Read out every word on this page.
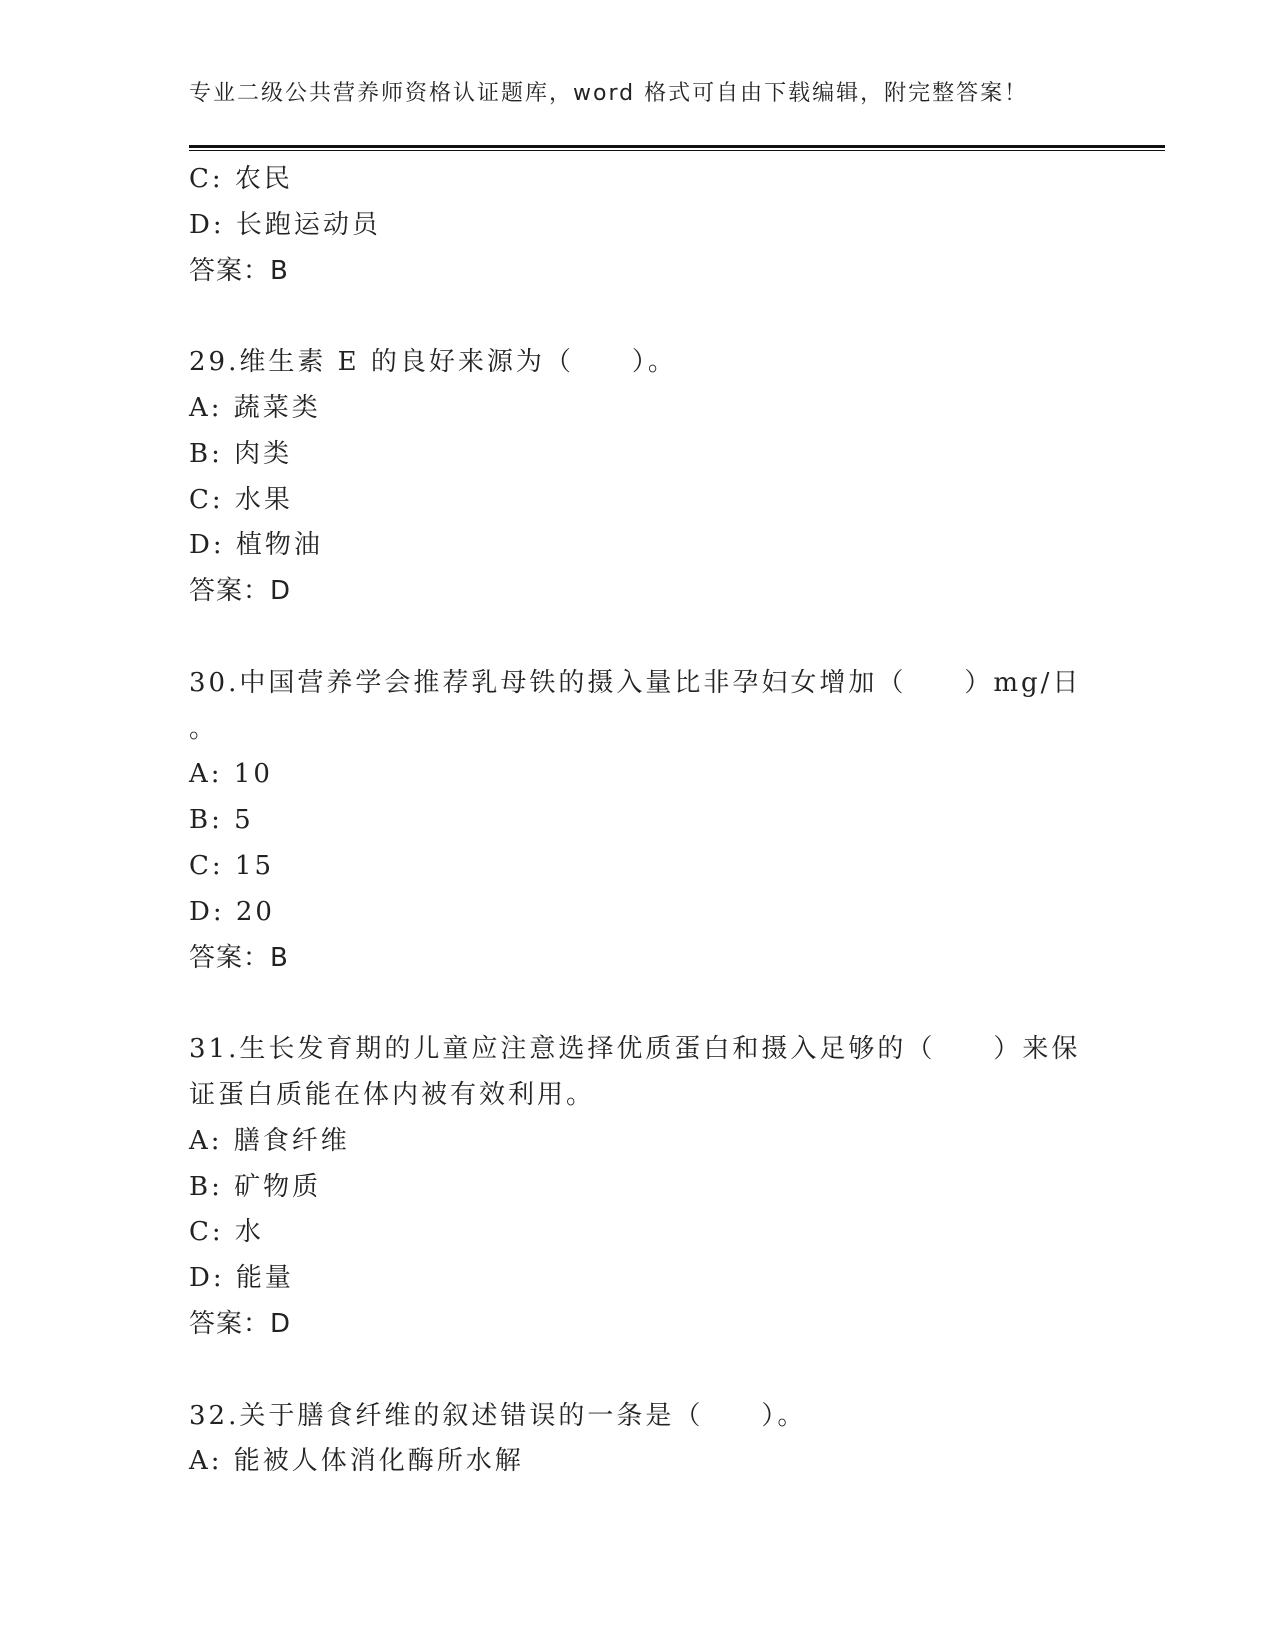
专业二级公共营养师资格认证题库，word 格式可自由下载编辑，附完整答案！
C: 农民
D: 长跑运动员
答案：B
29.维生素 E 的良好来源为（　　）。
A: 蔬菜类
B: 肉类
C: 水果
D: 植物油
答案：D
30.中国营养学会推荐乳母铁的摄入量比非孕妇女增加（　　）mg/日
。
A: 10
B: 5
C: 15
D: 20
答案：B
31.生长发育期的儿童应注意选择优质蛋白和摄入足够的（　　）来保
证蛋白质能在体内被有效利用。
A: 膳食纤维
B: 矿物质
C: 水
D: 能量
答案：D
32.关于膳食纤维的叙述错误的一条是（　　）。
A: 能被人体消化酶所水解
